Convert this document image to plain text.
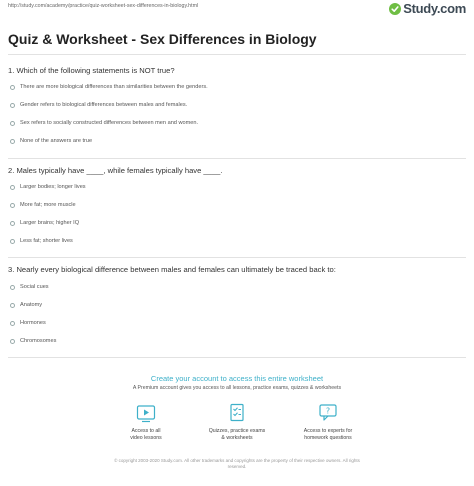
http://study.com/academy/practice/quiz-worksheet-sex-differences-in-biology.html	Study.com
Quiz & Worksheet - Sex Differences in Biology
1. Which of the following statements is NOT true?
There are more biological differences than similarities between the genders.
Gender refers to biological differences between males and females.
Sex refers to socially constructed differences between men and women.
None of the answers are true
2. Males typically have ____, while females typically have ____.
Larger bodies; longer lives
More fat; more muscle
Larger brains; higher IQ
Less fat; shorter lives
3. Nearly every biological difference between males and females can ultimately be traced back to:
Social cues
Anatomy
Hormones
Chromosomes
Create your account to access this entire worksheet
A Premium account gives you access to all lessons, practice exams, quizzes & worksheets
Access to all
video lessons
Quizzes, practice exams
& worksheets
?
Access to experts for
homework questions
© copyright 2003-2020 Study.com. All other trademarks and copyrights are the property of their respective owners. All rights
reserved.
